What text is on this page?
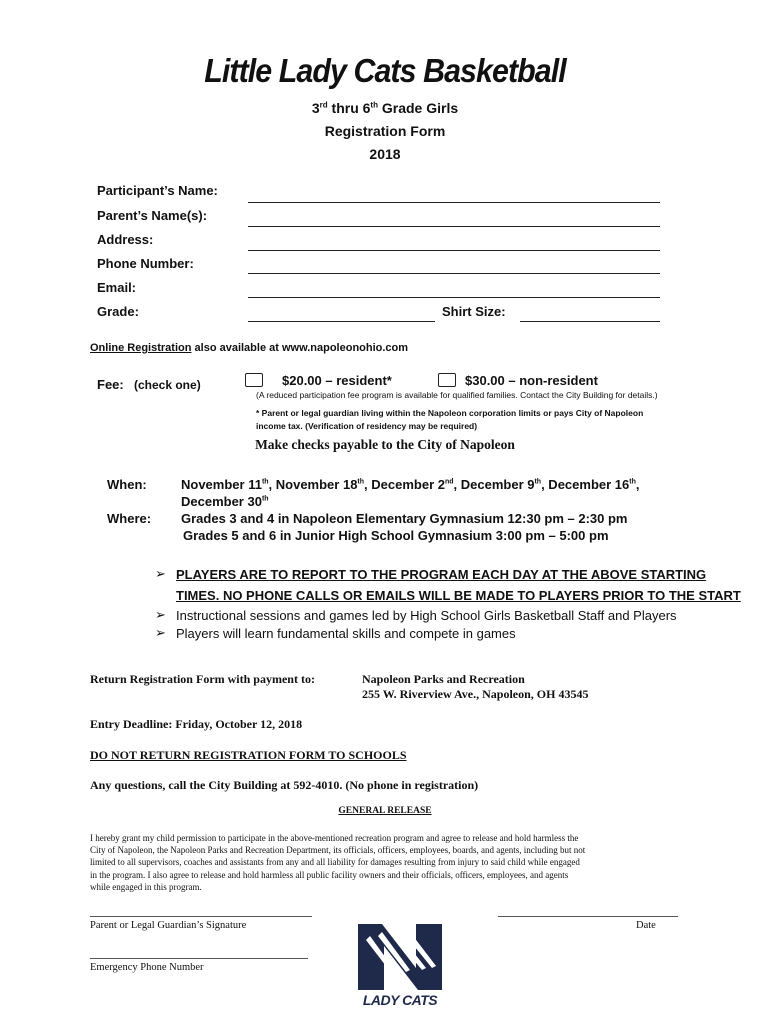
Little Lady Cats Basketball
3rd thru 6th Grade Girls
Registration Form
2018
Participant’s Name:
Parent’s Name(s):
Address:
Phone Number:
Email:
Grade:	Shirt Size:
Online Registration also available at www.napoleonohio.com
Fee: (check one)	$20.00 – resident*	$30.00 – non-resident
(A reduced participation fee program is available for qualified families. Contact the City Building for details.)
* Parent or legal guardian living within the Napoleon corporation limits or pays City of Napoleon
income tax. (Verification of residency may be required)
Make checks payable to the City of Napoleon
When:	November 11th, November 18th, December 2nd, December 9th, December 16th,
December 30th
Where: Grades 3 and 4 in Napoleon Elementary Gymnasium 12:30 pm – 2:30 pm
Grades 5 and 6 in Junior High School Gymnasium 3:00 pm – 5:00 pm
➢ PLAYERS ARE TO REPORT TO THE PROGRAM EACH DAY AT THE ABOVE STARTING
TIMES. NO PHONE CALLS OR EMAILS WILL BE MADE TO PLAYERS PRIOR TO THE START
➢ Instructional sessions and games led by High School Girls Basketball Staff and Players
➢ Players will learn fundamental skills and compete in games
Return Registration Form with payment to:	Napoleon Parks and Recreation
255 W. Riverview Ave., Napoleon, OH 43545
Entry Deadline: Friday, October 12, 2018
DO NOT RETURN REGISTRATION FORM TO SCHOOLS
Any questions, call the City Building at 592-4010. (No phone in registration)
GENERAL RELEASE
I hereby grant my child permission to participate in the above-mentioned recreation program and agree to release and hold harmless the
City of Napoleon, the Napoleon Parks and Recreation Department, its officials, officers, employees, boards, and agents, including but not
limited to all supervisors, coaches and assistants from any and all liability for damages resulting from injury to said child while engaged
in the program. I also agree to release and hold harmless all public facility owners and their officials, officers, employees, and agents
while engaged in this program.
Parent or Legal Guardian’s Signature	Date
Emergency Phone Number
LADY CATS
